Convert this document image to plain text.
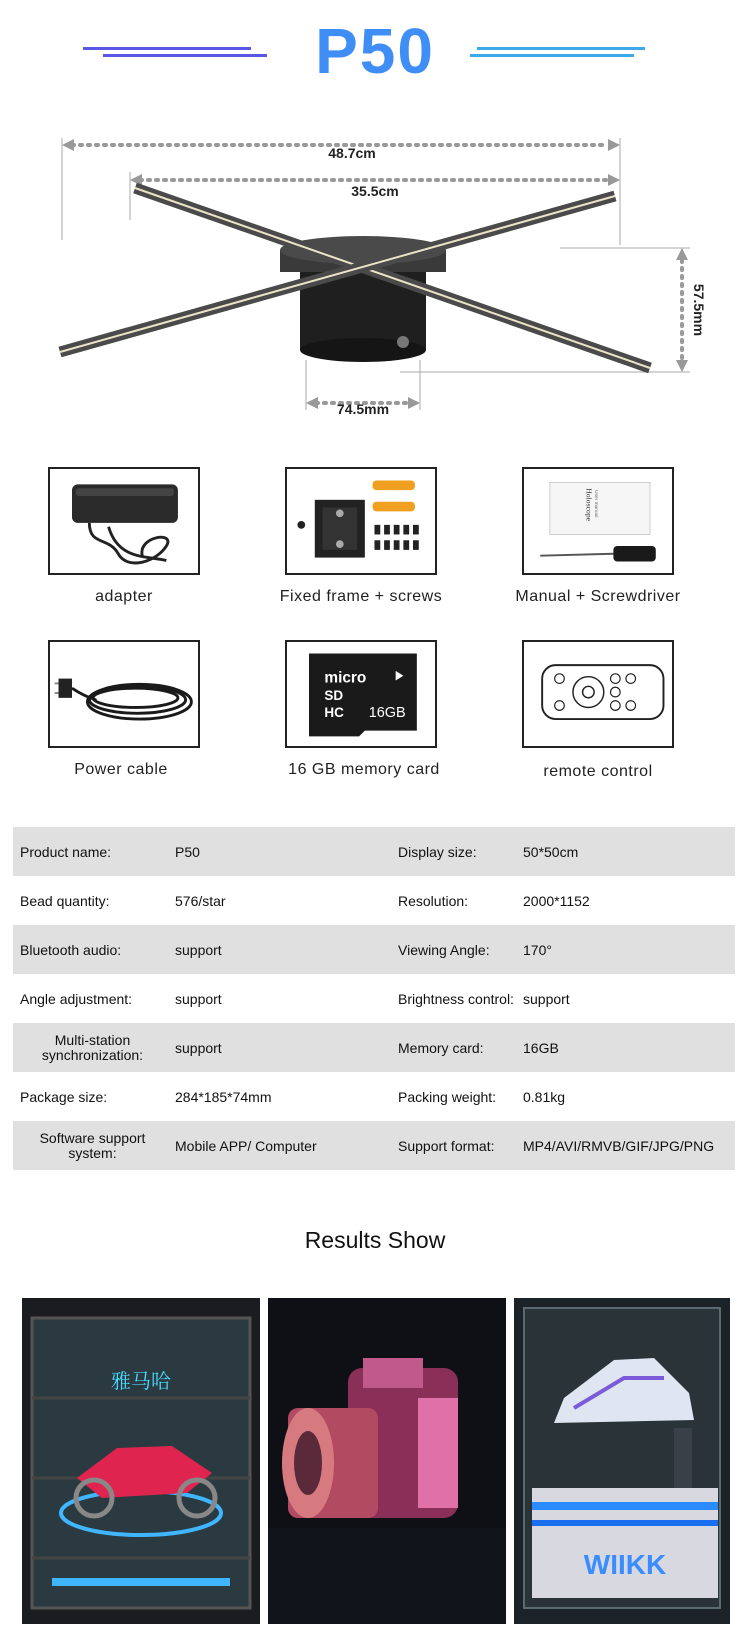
P50
48.7cm
35.5cm
57.5mm
74.5mm
adapter	Fixed frame + screws
Holoscope User manual
Manual + Screwdriver
Power cable
micro
SD
HC 16GB
16 GB memory card	remote control
Product name:	P50	Display size:	50*50cm
Bead quantity:	576/star	Resolution:	2000*1152
Bluetooth audio:	support	Viewing Angle:	170°
Angle adjustment:	support	Brightness control: support
Multi-station synchronization:	support	Memory card:	16GB
Package size:	284*185*74mm	Packing weight:	0.81kg
Software support system:	Mobile APP/ Computer	Support format:	MP4/AVI/RMVB/GIF/JPG/PNG
Results Show
雅马哈
WIIKK
